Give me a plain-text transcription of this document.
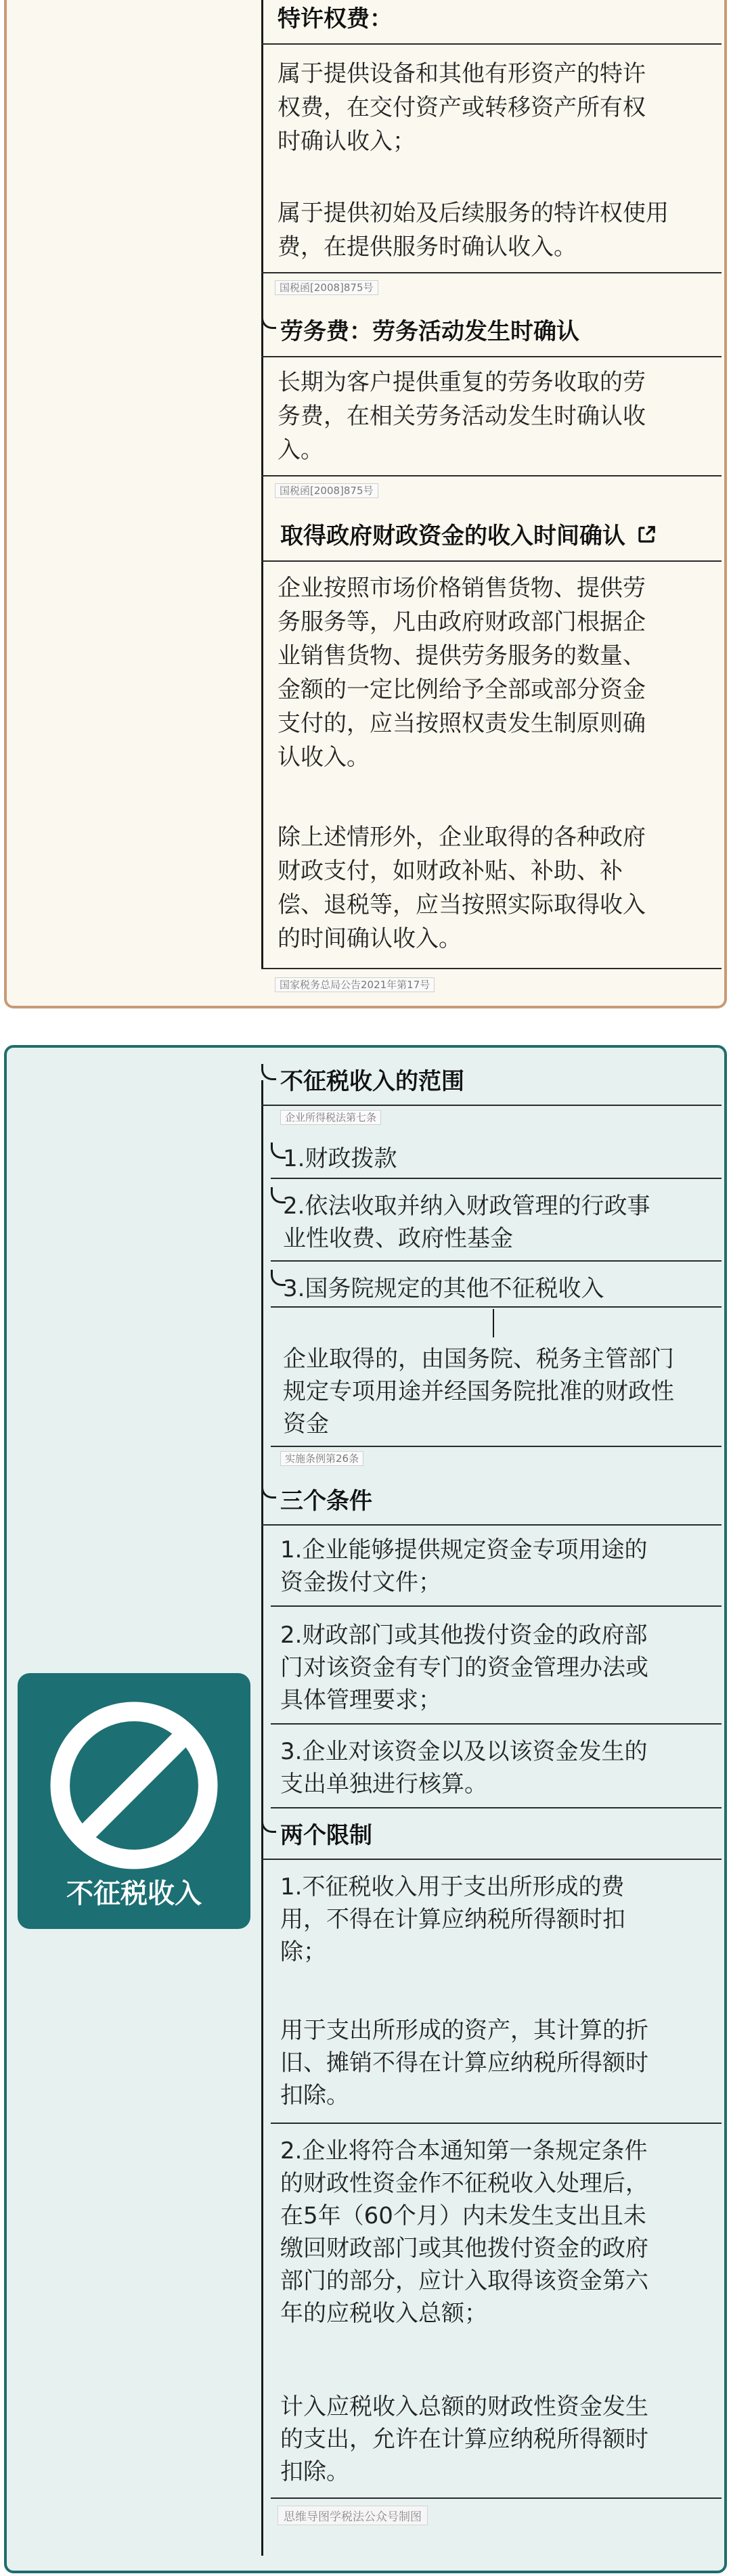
特许权费：
属于提供设备和其他有形资产的特许
权费，在交付资产或转移资产所有权
时确认收入；
属于提供初始及后续服务的特许权使用
费，在提供服务时确认收入。
国税函[2008]875号
劳务费：劳务活动发生时确认
长期为客户提供重复的劳务收取的劳
务费，在相关劳务活动发生时确认收
入。
国税函[2008]875号
取得政府财政资金的收入时间确认
企业按照市场价格销售货物、提供劳
务服务等，凡由政府财政部门根据企
业销售货物、提供劳务服务的数量、
金额的一定比例给予全部或部分资金
支付的，应当按照权责发生制原则确
认收入。
除上述情形外，企业取得的各种政府
财政支付，如财政补贴、补助、补
偿、退税等，应当按照实际取得收入
的时间确认收入。
国家税务总局公告2021年第17号
不征税收入
不征税收入的范围
企业所得税法第七条
1.财政拨款
2.依法收取并纳入财政管理的行政事
业性收费、政府性基金
3.国务院规定的其他不征税收入
企业取得的，由国务院、税务主管部门
规定专项用途并经国务院批准的财政性
资金
实施条例第26条
三个条件
1.企业能够提供规定资金专项用途的
资金拨付文件；
2.财政部门或其他拨付资金的政府部
门对该资金有专门的资金管理办法或
具体管理要求；
3.企业对该资金以及以该资金发生的
支出单独进行核算。
两个限制
1.不征税收入用于支出所形成的费
用，不得在计算应纳税所得额时扣
除；
用于支出所形成的资产，其计算的折
旧、摊销不得在计算应纳税所得额时
扣除。
2.企业将符合本通知第一条规定条件
的财政性资金作不征税收入处理后，
在5年（60个月）内未发生支出且未
缴回财政部门或其他拨付资金的政府
部门的部分，应计入取得该资金第六
年的应税收入总额；
计入应税收入总额的财政性资金发生
的支出，允许在计算应纳税所得额时
扣除。
思维导图学税法公众号制图
